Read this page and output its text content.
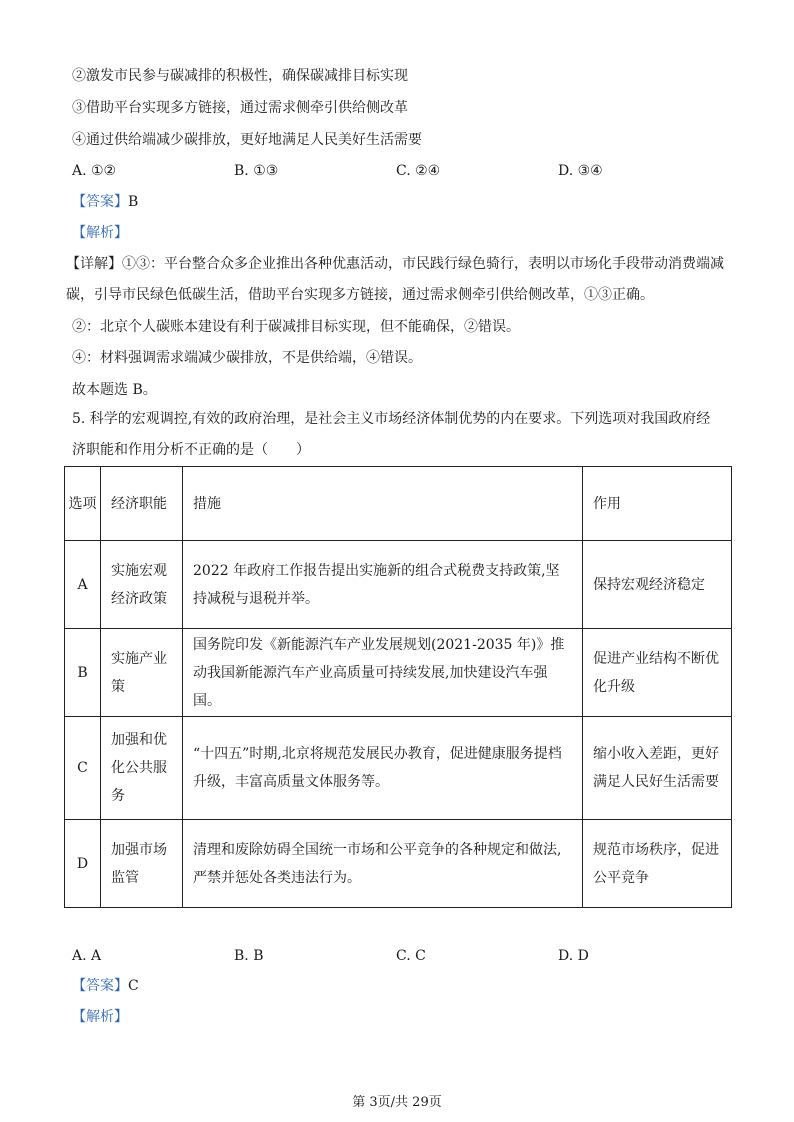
②激发市民参与碳减排的积极性，确保碳减排目标实现
③借助平台实现多方链接，通过需求侧牵引供给侧改革
④通过供给端减少碳排放，更好地满足人民美好生活需要
A. ①②	B. ①③	C. ②④	D. ③④
【答案】B
【解析】
【详解】①③：平台整合众多企业推出各种优惠活动，市民践行绿色骑行，表明以市场化手段带动消费端减碳，引导市民绿色低碳生活，借助平台实现多方链接，通过需求侧牵引供给侧改革，①③正确。
②：北京个人碳账本建设有利于碳减排目标实现，但不能确保，②错误。
④：材料强调需求端减少碳排放，不是供给端，④错误。
故本题选 B。
5. 科学的宏观调控,有效的政府治理，是社会主义市场经济体制优势的内在要求。下列选项对我国政府经济职能和作用分析不正确的是（　　）
选项	经济职能	措施	作用
A	实施宏观经济政策	2022 年政府工作报告提出实施新的组合式税费支持政策,坚持减税与退税并举。	保持宏观经济稳定
B	实施产业策	国务院印发《新能源汽车产业发展规划(2021-2035 年)》推动我国新能源汽车产业高质量可持续发展,加快建设汽车强国。	促进产业结构不断优化升级
C	加强和优化公共服务	“十四五”时期,北京将规范发展民办教育，促进健康服务提档升级，丰富高质量文体服务等。	缩小收入差距，更好满足人民好生活需要
D	加强市场监管	清理和废除妨碍全国统一市场和公平竞争的各种规定和做法,严禁并惩处各类违法行为。	规范市场秩序，促进公平竞争
A. A	B. B	C. C	D. D
【答案】C
【解析】
第 3页/共 29页
